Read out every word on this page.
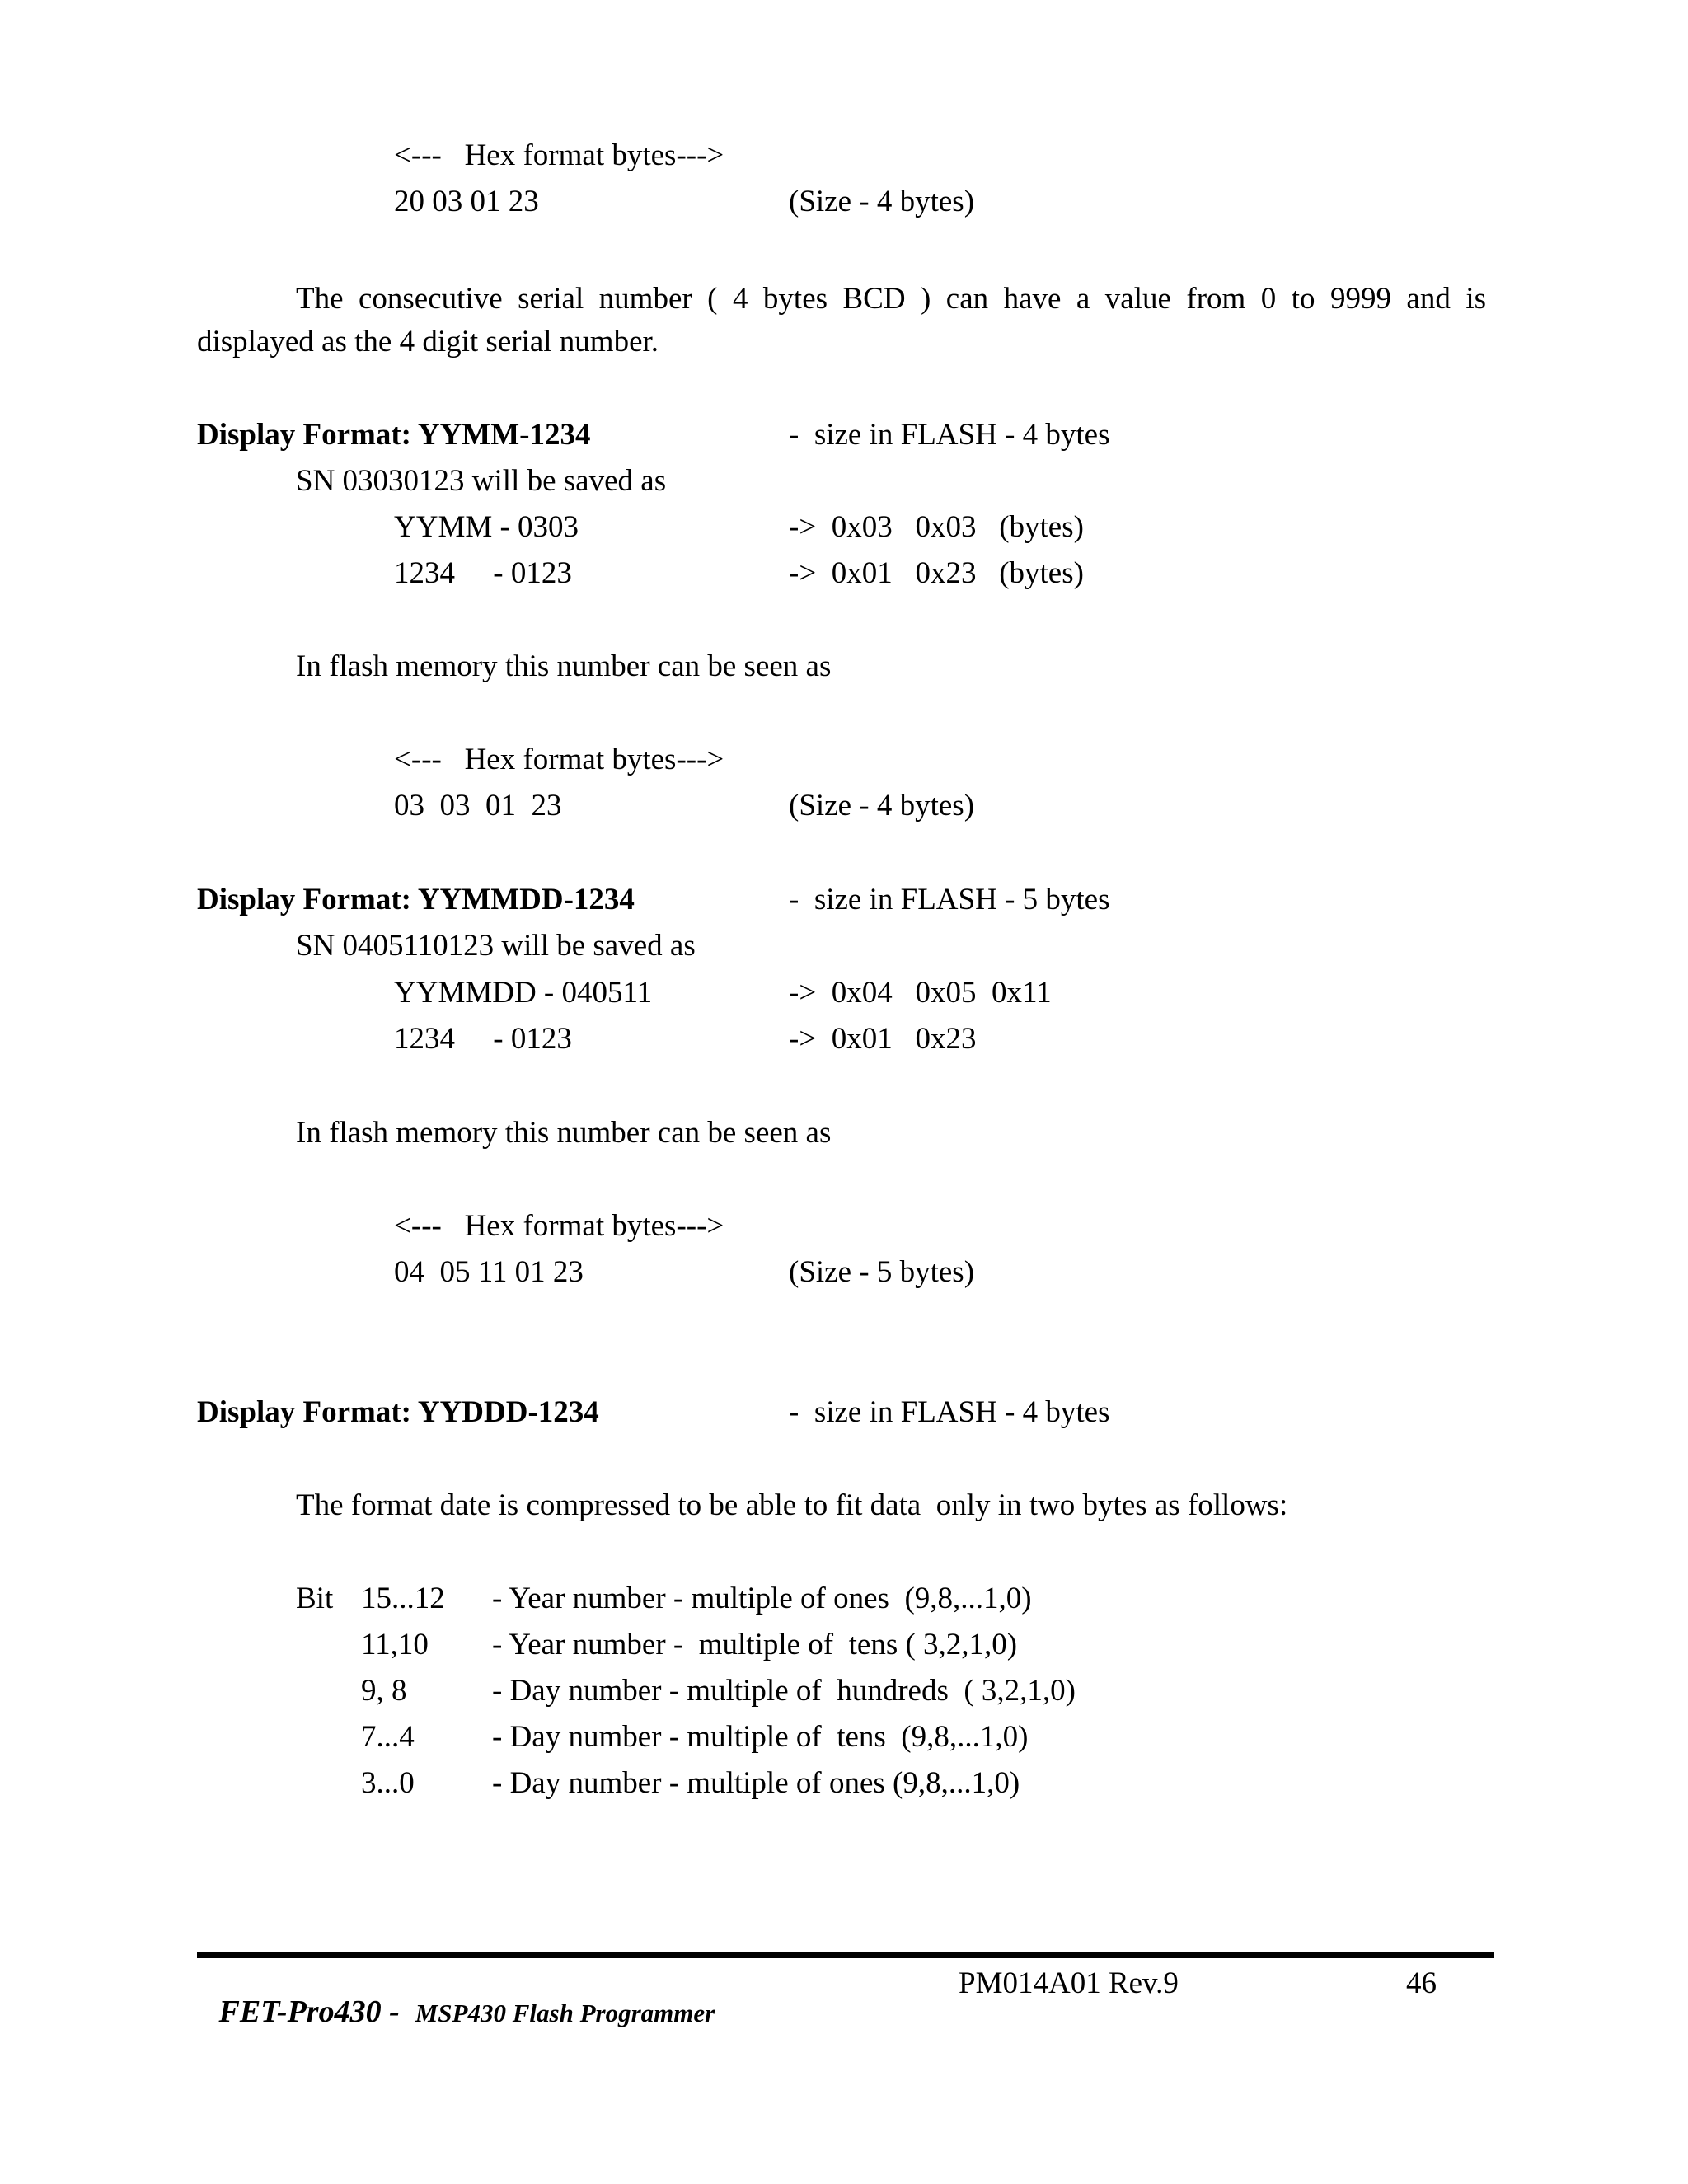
<---   Hex format bytes--->
20 03 01 23	(Size - 4 bytes)
The consecutive serial number ( 4 bytes BCD ) can have a value from 0 to 9999 and is
displayed as the 4 digit serial number.
Display Format: YYMM-1234	-  size in FLASH - 4 bytes
SN 03030123 will be saved as
YYMM - 0303	->  0x03   0x03   (bytes)
1234     - 0123	->  0x01   0x23   (bytes)
In flash memory this number can be seen as
<---   Hex format bytes--->
03  03  01  23	(Size - 4 bytes)
Display Format: YYMMDD-1234	-  size in FLASH - 5 bytes
SN 0405110123 will be saved as
YYMMDD - 040511	->  0x04   0x05  0x11
1234     - 0123	->  0x01   0x23
In flash memory this number can be seen as
<---   Hex format bytes--->
04  05 11 01 23	(Size - 5 bytes)
Display Format: YYDDD-1234	-  size in FLASH - 4 bytes
The format date is compressed to be able to fit data  only in two bytes as follows:
Bit 15...12 - Year number - multiple of ones  (9,8,...1,0)
11,10 - Year number -  multiple of  tens ( 3,2,1,0)
9, 8	- Day number - multiple of  hundreds  ( 3,2,1,0)
7...4	- Day number - multiple of  tens  (9,8,...1,0)
3...0	- Day number - multiple of ones (9,8,...1,0)

FET-Pro430 -  MSP430 Flash Programmer

PM014A01 Rev.9	46
